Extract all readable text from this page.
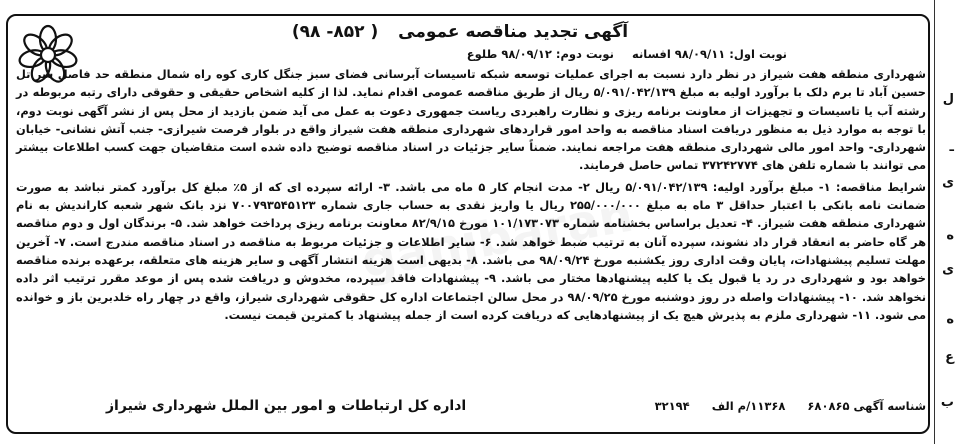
ل
ـ
ی
ه
ی
ه
ع
ب
آگهی تجدید مناقصه عمومی ( ۸۵۲- ۹۸)
نوبت اول: ۹۸/۰۹/۱۱ افسانه نوبت دوم: ۹۸/۰۹/۱۲ طلوع

شهرداری منطقه هفت شیراز در نظر دارد نسبت به اجرای عملیات توسعه شبکه تاسیسات آبرسانی فضای سبز جنگل کاری کوه راه شمال منطقه حد فاصل سر تل حسین آباد تا برم دلک با برآورد اولیه به مبلغ ۵/۰۹۱/۰۴۲/۱۳۹ ریال از طریق مناقصه عمومی اقدام نماید. لذا از کلیه اشخاص حقیقی و حقوقی دارای رتبه مربوطه در رشته آب یا تاسیسات و تجهیزات از معاونت برنامه ریزی و نظارت راهبردی ریاست جمهوری دعوت به عمل می آید ضمن بازدید از محل پس از نشر آگهی نوبت دوم، با توجه به موارد ذیل به منظور دریافت اسناد مناقصه به واحد امور قراردهای شهرداری منطقه هفت شیراز واقع در بلوار فرصت شیرازی- جنب آتش نشانی- خیابان شهرداری- واحد امور مالی شهرداری منطقه هفت مراجعه نمایند. ضمناً سایر جزئیات در اسناد مناقصه توضیح داده شده است متقاضیان جهت کسب اطلاعات بیشتر می توانند با شماره تلفن های ۳۷۲۴۲۷۷۴ تماس حاصل فرمایند.

شرایط مناقصه: ۱- مبلغ برآورد اولیه: ۵/۰۹۱/۰۴۲/۱۳۹ ریال ۲- مدت انجام کار ۵ ماه می باشد. ۳- ارائه سپرده ای که از ۵٪ مبلغ کل برآورد کمتر نباشد به صورت ضمانت نامه بانکی با اعتبار حداقل ۳ ماه به مبلغ ۲۵۵/۰۰۰/۰۰۰ ریال یا واریز نقدی به حساب جاری شماره ۷۰۰۷۹۳۵۴۵۱۲۳ نزد بانک شهر شعبه کارانديش به نام شهرداری منطقه هفت شیراز. ۴- تعدیل براساس بخشنامه شماره ۱۰۱/۱۷۳۰۷۳ مورخ ۸۲/۹/۱۵ معاونت برنامه ریزی پرداخت خواهد شد. ۵- برندگان اول و دوم مناقصه هر گاه حاضر به انعقاد قرار داد نشوند، سپرده آنان به ترتیب ضبط خواهد شد. ۶- سایر اطلاعات و جزئیات مربوط به مناقصه در اسناد مناقصه مندرج است. ۷- آخرین مهلت تسلیم پیشنهادات، پایان وقت اداری روز یکشنبه مورخ ۹۸/۰۹/۲۴ می باشد. ۸- بدیهی است هزینه انتشار آگهی و سایر هزینه های متعلقه، برعهده برنده مناقصه خواهد بود و شهرداری در رد یا قبول یک یا کلیه پیشنهادها مختار می باشد. ۹- پیشنهادات فاقد سپرده، مخدوش و دریافت شده پس از موعد مقرر ترتیب اثر داده نخواهد شد. ۱۰- پیشنهادات واصله در روز دوشنبه مورخ ۹۸/۰۹/۲۵ در محل سالن اجتماعات اداره کل حقوقی شهرداری شیراز، واقع در چهار راه خلدبرین باز و خوانده می شود. ۱۱- شهرداری ملزم به پذیرش هیچ یک از پیشنهادهایی که دریافت کرده است از جمله پیشنهاد با کمترین قیمت نیست.

شناسه آگهی ۶۸۰۸۶۵
۱۱۳۶۸/م الف
۳۲۱۹۴
اداره کل ارتباطات و امور بین الملل شهرداری شیراز
